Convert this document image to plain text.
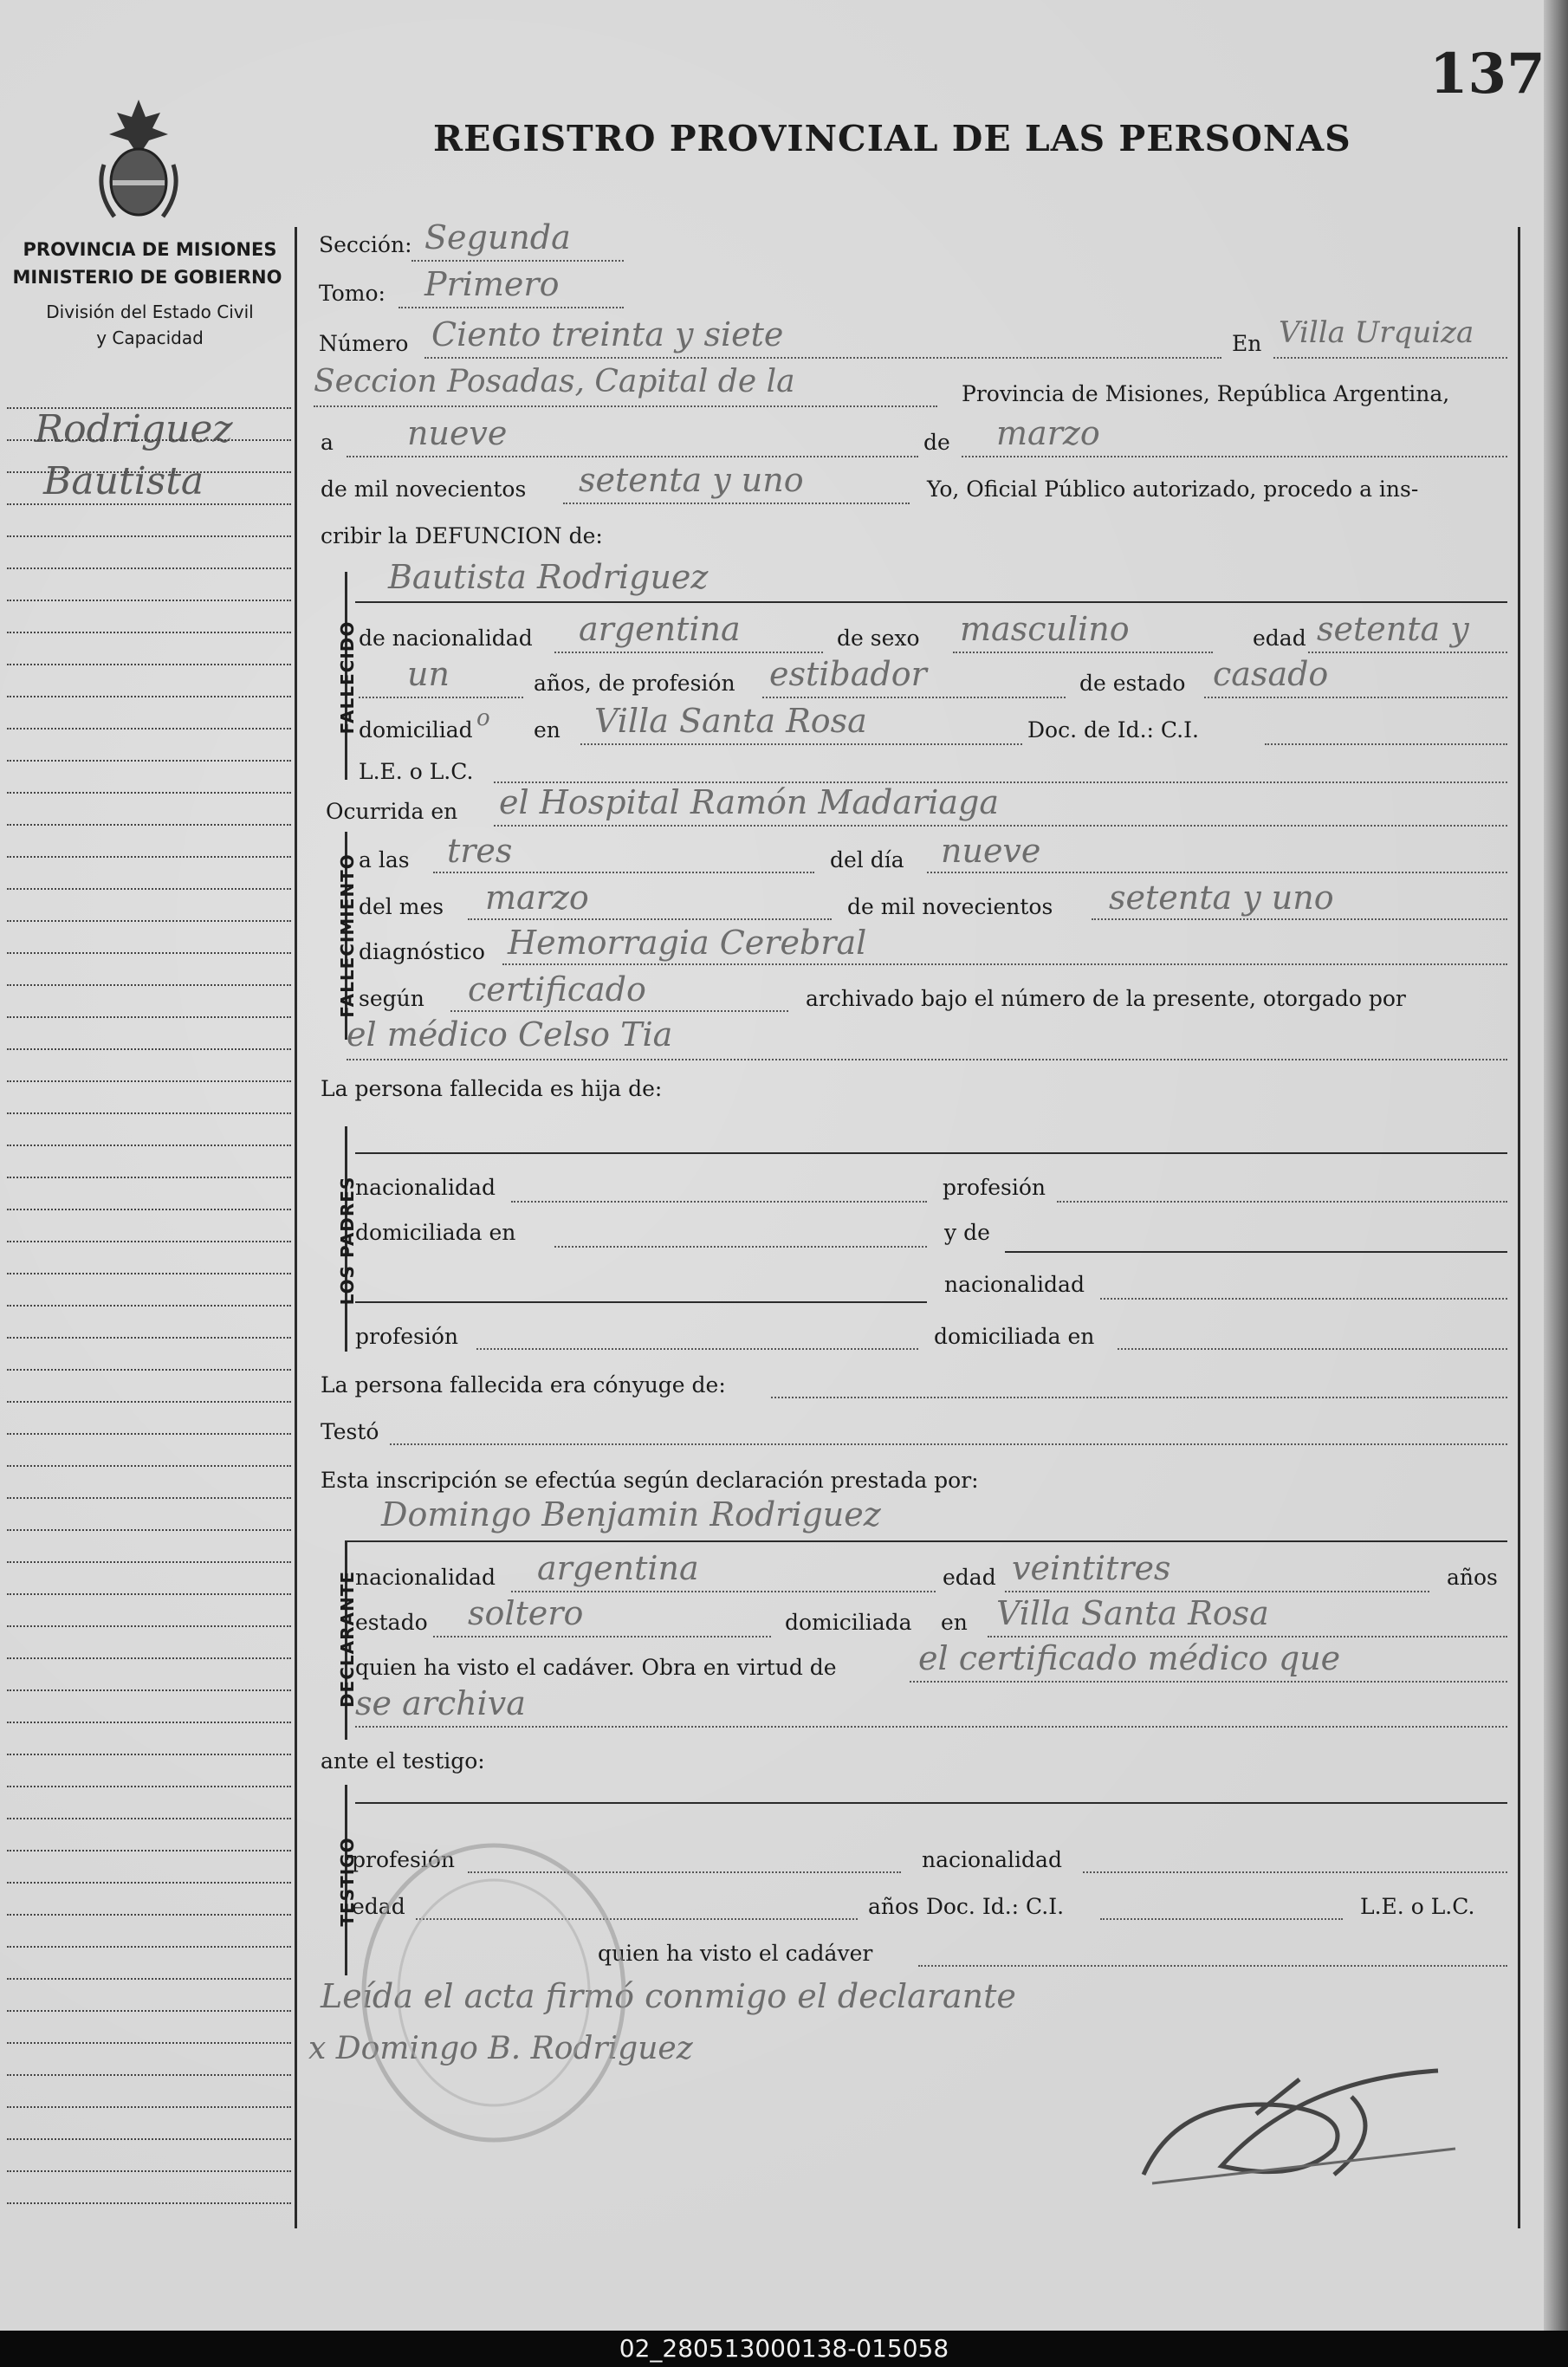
137
REGISTRO PROVINCIAL DE LAS PERSONAS
PROVINCIA DE MISIONES
MINISTERIO DE GOBIERNO
División del Estado Civil
y Capacidad
Rodriguez
Bautista
Sección: Segunda
Tomo: Primero
Número Ciento treinta y siete	En Villa Urquiza
Seccion Posadas, Capital de la	Provincia de Misiones, República Argentina,
a nueve	de marzo
de mil novecientos setenta y uno	Yo, Oficial Público autorizado, procedo a ins-
cribir la DEFUNCION de:
FALLECIDO
Bautista Rodriguez
de nacionalidad argentina	de sexo masculino	edad setenta y
un	años, de profesión estibador	de estado casado
domiciliad o en Villa Santa Rosa	Doc. de Id.: C.I.
L.E. o L.C.
Ocurrida en el Hospital Ramón Madariaga
FALLECIMIENTO a las tres	del día nueve
del mes marzo	de mil novecientos setenta y uno
diagnóstico Hemorragia Cerebral
según certificado	archivado bajo el número de la presente, otorgado por
el médico Celso Tia
La persona fallecida es hija de:
LOS PADRES
nacionalidad	profesión
domiciliada en	y de
nacionalidad
profesión	domiciliada en
La persona fallecida era cónyuge de:
Testó
Esta inscripción se efectúa según declaración prestada por:
Domingo Benjamin Rodriguez
DECLARANTE
nacionalidad argentina	edad veintitres	años
estado soltero	domiciliada en Villa Santa Rosa
quien ha visto el cadáver. Obra en virtud de el certificado médico que
se archiva
ante el testigo:
TESTIGO
profesión	nacionalidad
edad	años Doc. Id.: C.I.	L.E. o L.C.
quien ha visto el cadáver
Leída el acta firmó conmigo el declarante
x Domingo B. Rodriguez
02_280513000138-015058
